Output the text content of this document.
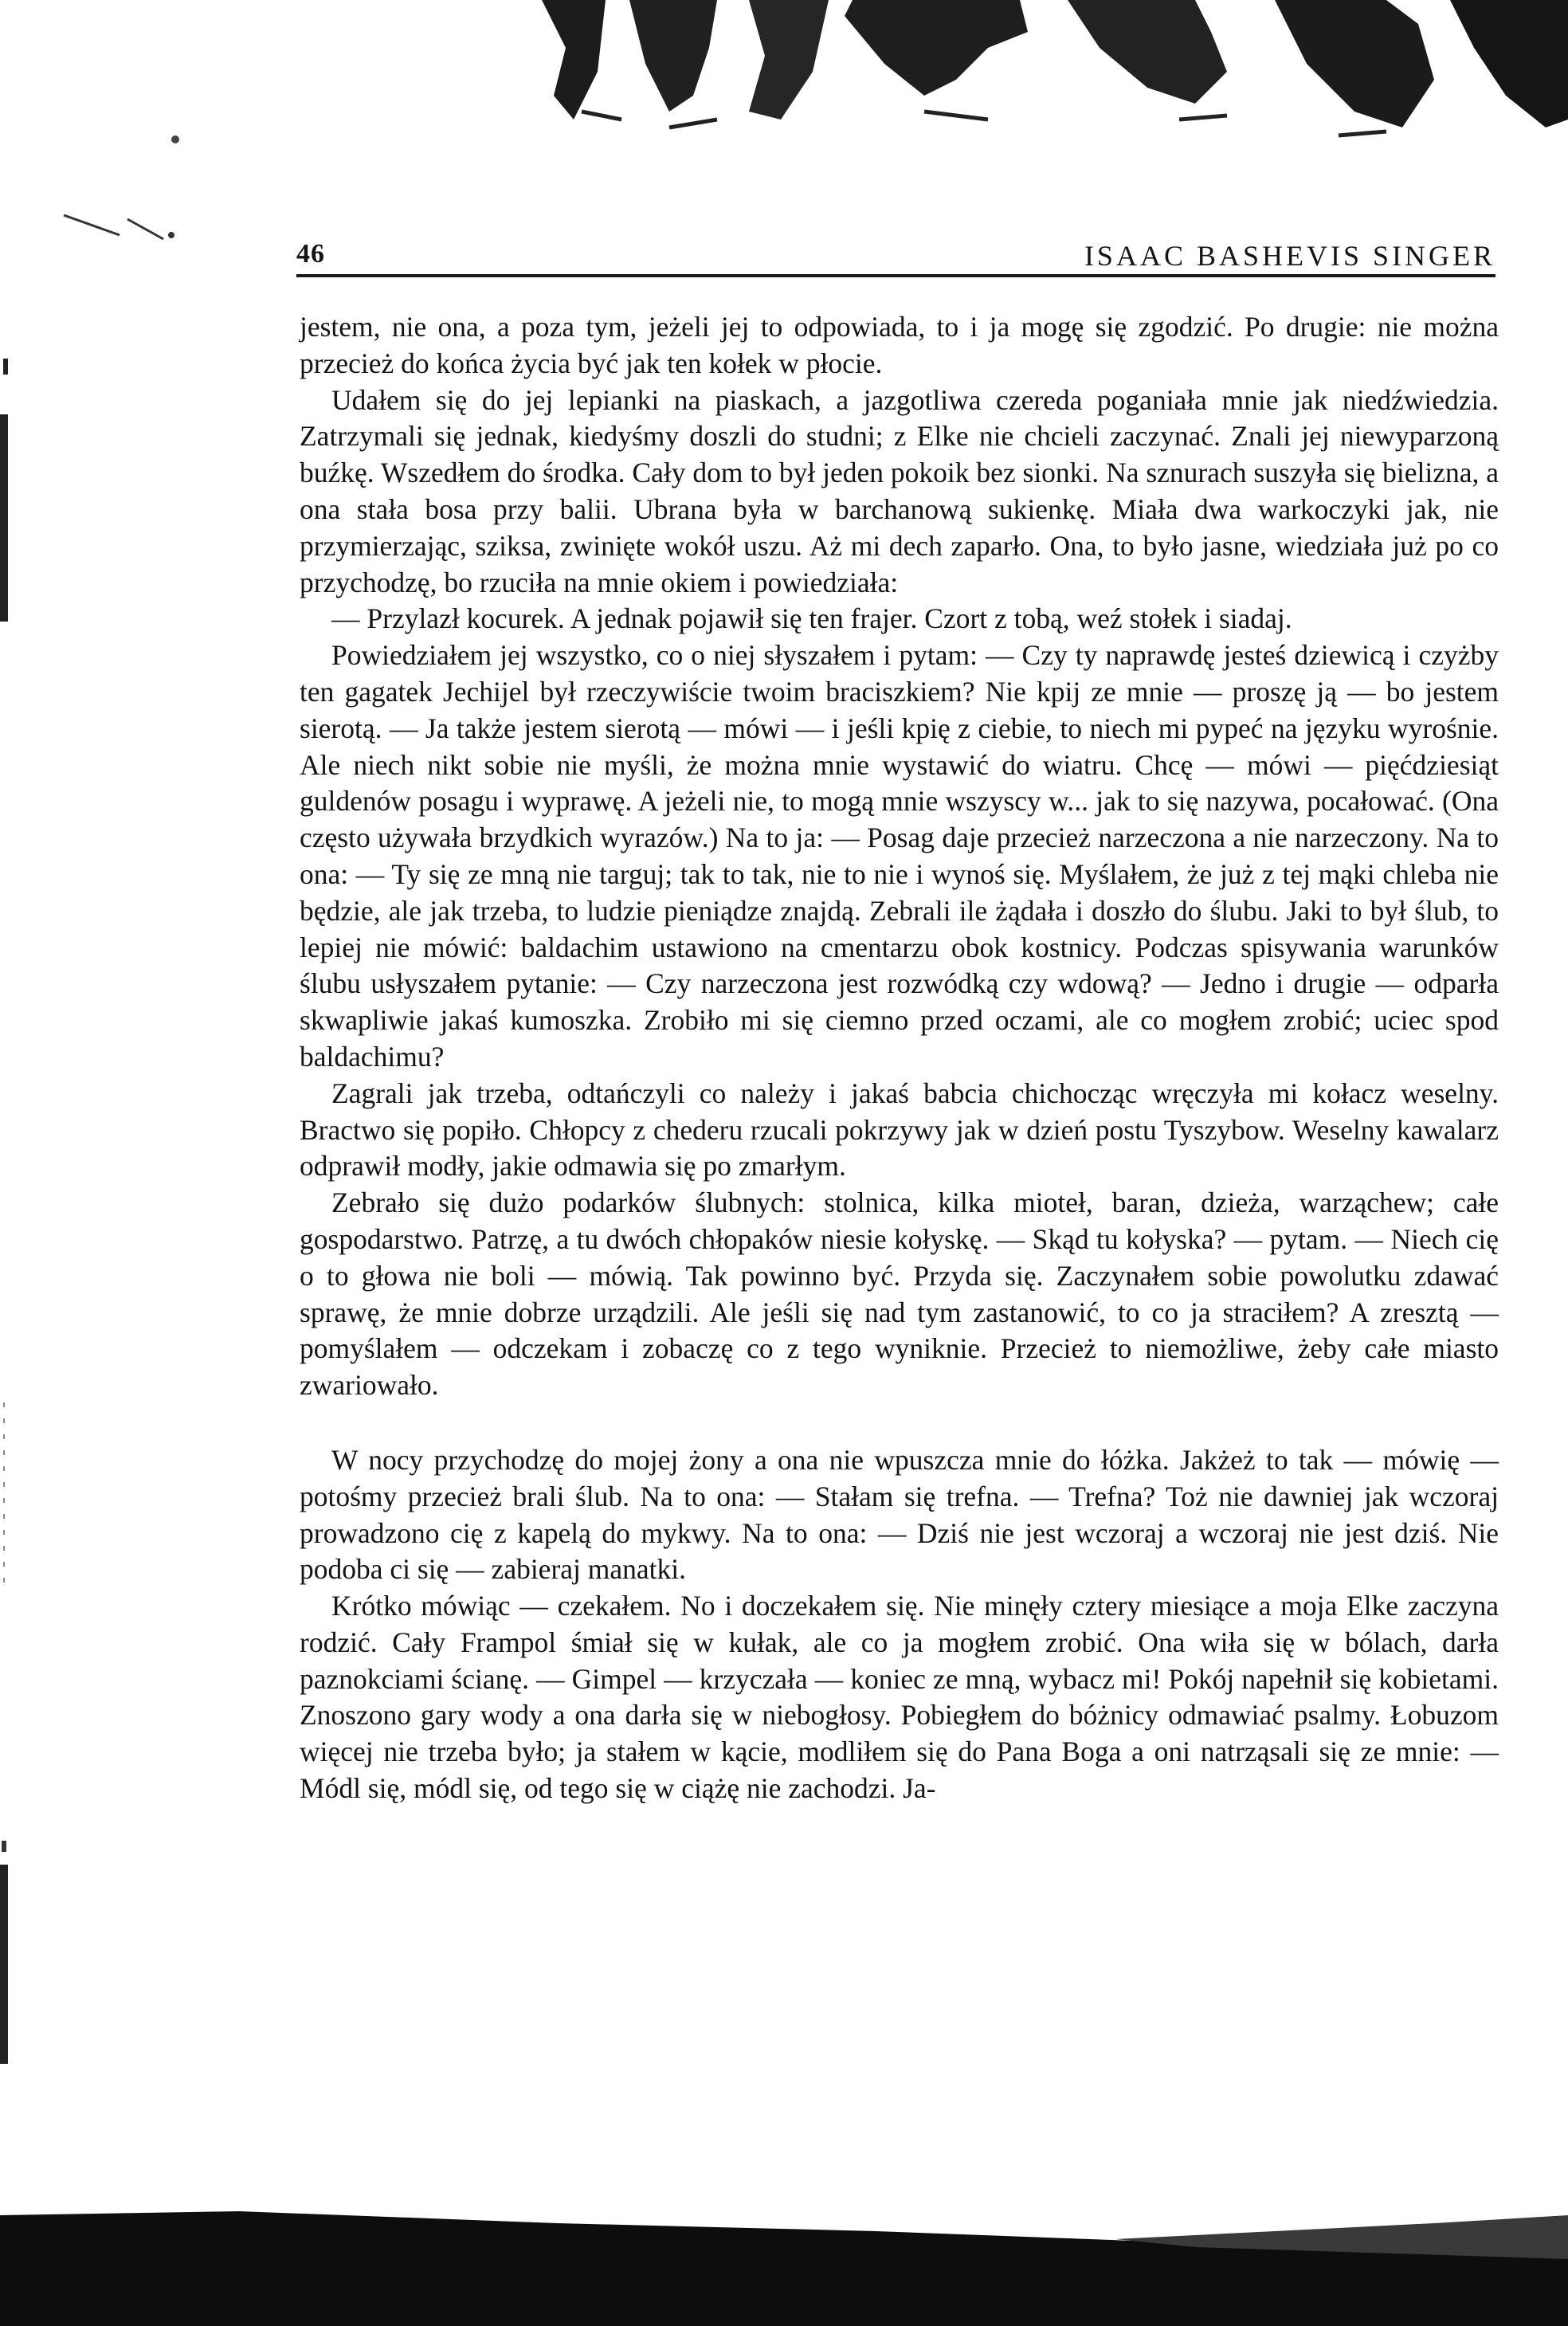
46	ISAAC BASHEVIS SINGER

jestem, nie ona, a poza tym, jeżeli jej to odpowiada, to i ja mogę się zgodzić. Po drugie: nie można przecież do końca życia być jak ten kołek w płocie.

Udałem się do jej lepianki na piaskach, a jazgotliwa czereda poganiała mnie jak niedźwiedzia. Zatrzymali się jednak, kiedyśmy doszli do studni; z Elke nie chcieli zaczynać. Znali jej niewyparzoną buźkę. Wszedłem do środka. Cały dom to był jeden pokoik bez sionki. Na sznurach suszyła się bielizna, a ona stała bosa przy balii. Ubrana była w barchanową sukienkę. Miała dwa warkoczyki jak, nie przymierzając, sziksa, zwinięte wokół uszu. Aż mi dech zaparło. Ona, to było jasne, wiedziała już po co przychodzę, bo rzuciła na mnie okiem i powiedziała:

— Przylazł kocurek. A jednak pojawił się ten frajer. Czort z tobą, weź stołek i siadaj.

Powiedziałem jej wszystko, co o niej słyszałem i pytam: — Czy ty naprawdę jesteś dziewicą i czyżby ten gagatek Jechijel był rzeczywiście twoim braciszkiem? Nie kpij ze mnie — proszę ją — bo jestem sierotą. — Ja także jestem sierotą — mówi — i jeśli kpię z ciebie, to niech mi pypeć na języku wyrośnie. Ale niech nikt sobie nie myśli, że można mnie wystawić do wiatru. Chcę — mówi — pięćdziesiąt guldenów posagu i wyprawę. A jeżeli nie, to mogą mnie wszyscy w... jak to się nazywa, pocałować. (Ona często używała brzydkich wyrazów.) Na to ja: — Posag daje przecież narzeczona a nie narzeczony. Na to ona: — Ty się ze mną nie targuj; tak to tak, nie to nie i wynoś się. Myślałem, że już z tej mąki chleba nie będzie, ale jak trzeba, to ludzie pieniądze znajdą. Zebrali ile żądała i doszło do ślubu. Jaki to był ślub, to lepiej nie mówić: baldachim ustawiono na cmentarzu obok kostnicy. Podczas spisywania warunków ślubu usłyszałem pytanie: — Czy narzeczona jest rozwódką czy wdową? — Jedno i drugie — odparła skwapliwie jakaś kumoszka. Zrobiło mi się ciemno przed oczami, ale co mogłem zrobić; uciec spod baldachimu?

Zagrali jak trzeba, odtańczyli co należy i jakaś babcia chichocząc wręczyła mi kołacz weselny. Bractwo się popiło. Chłopcy z chederu rzucali pokrzywy jak w dzień postu Tyszybow. Weselny kawalarz odprawił modły, jakie odmawia się po zmarłym.

Zebrało się dużo podarków ślubnych: stolnica, kilka mioteł, baran, dzieża, warząchew; całe gospodarstwo. Patrzę, a tu dwóch chłopaków niesie kołyskę. — Skąd tu kołyska? — pytam. — Niech cię o to głowa nie boli — mówią. Tak powinno być. Przyda się. Zaczynałem sobie powolutku zdawać sprawę, że mnie dobrze urządzili. Ale jeśli się nad tym zastanowić, to co ja straciłem? A zresztą — pomyślałem — odczekam i zobaczę co z tego wyniknie. Przecież to niemożliwe, żeby całe miasto zwariowało.

W nocy przychodzę do mojej żony a ona nie wpuszcza mnie do łóżka. Jakżeż to tak — mówię — potośmy przecież brali ślub. Na to ona: — Stałam się trefna. — Trefna? Toż nie dawniej jak wczoraj prowadzono cię z kapelą do mykwy. Na to ona: — Dziś nie jest wczoraj a wczoraj nie jest dziś. Nie podoba ci się — zabieraj manatki.

Krótko mówiąc — czekałem. No i doczekałem się. Nie minęły cztery miesiące a moja Elke zaczyna rodzić. Cały Frampol śmiał się w kułak, ale co ja mogłem zrobić. Ona wiła się w bólach, darła paznokciami ścianę. — Gimpel — krzyczała — koniec ze mną, wybacz mi! Pokój napełnił się kobietami. Znoszono gary wody a ona darła się w niebogłosy. Pobiegłem do bóżnicy odmawiać psalmy. Łobuzom więcej nie trzeba było; ja stałem w kącie, modliłem się do Pana Boga a oni natrząsali się ze mnie: — Módl się, módl się, od tego się w ciążę nie zachodzi. Ja-
